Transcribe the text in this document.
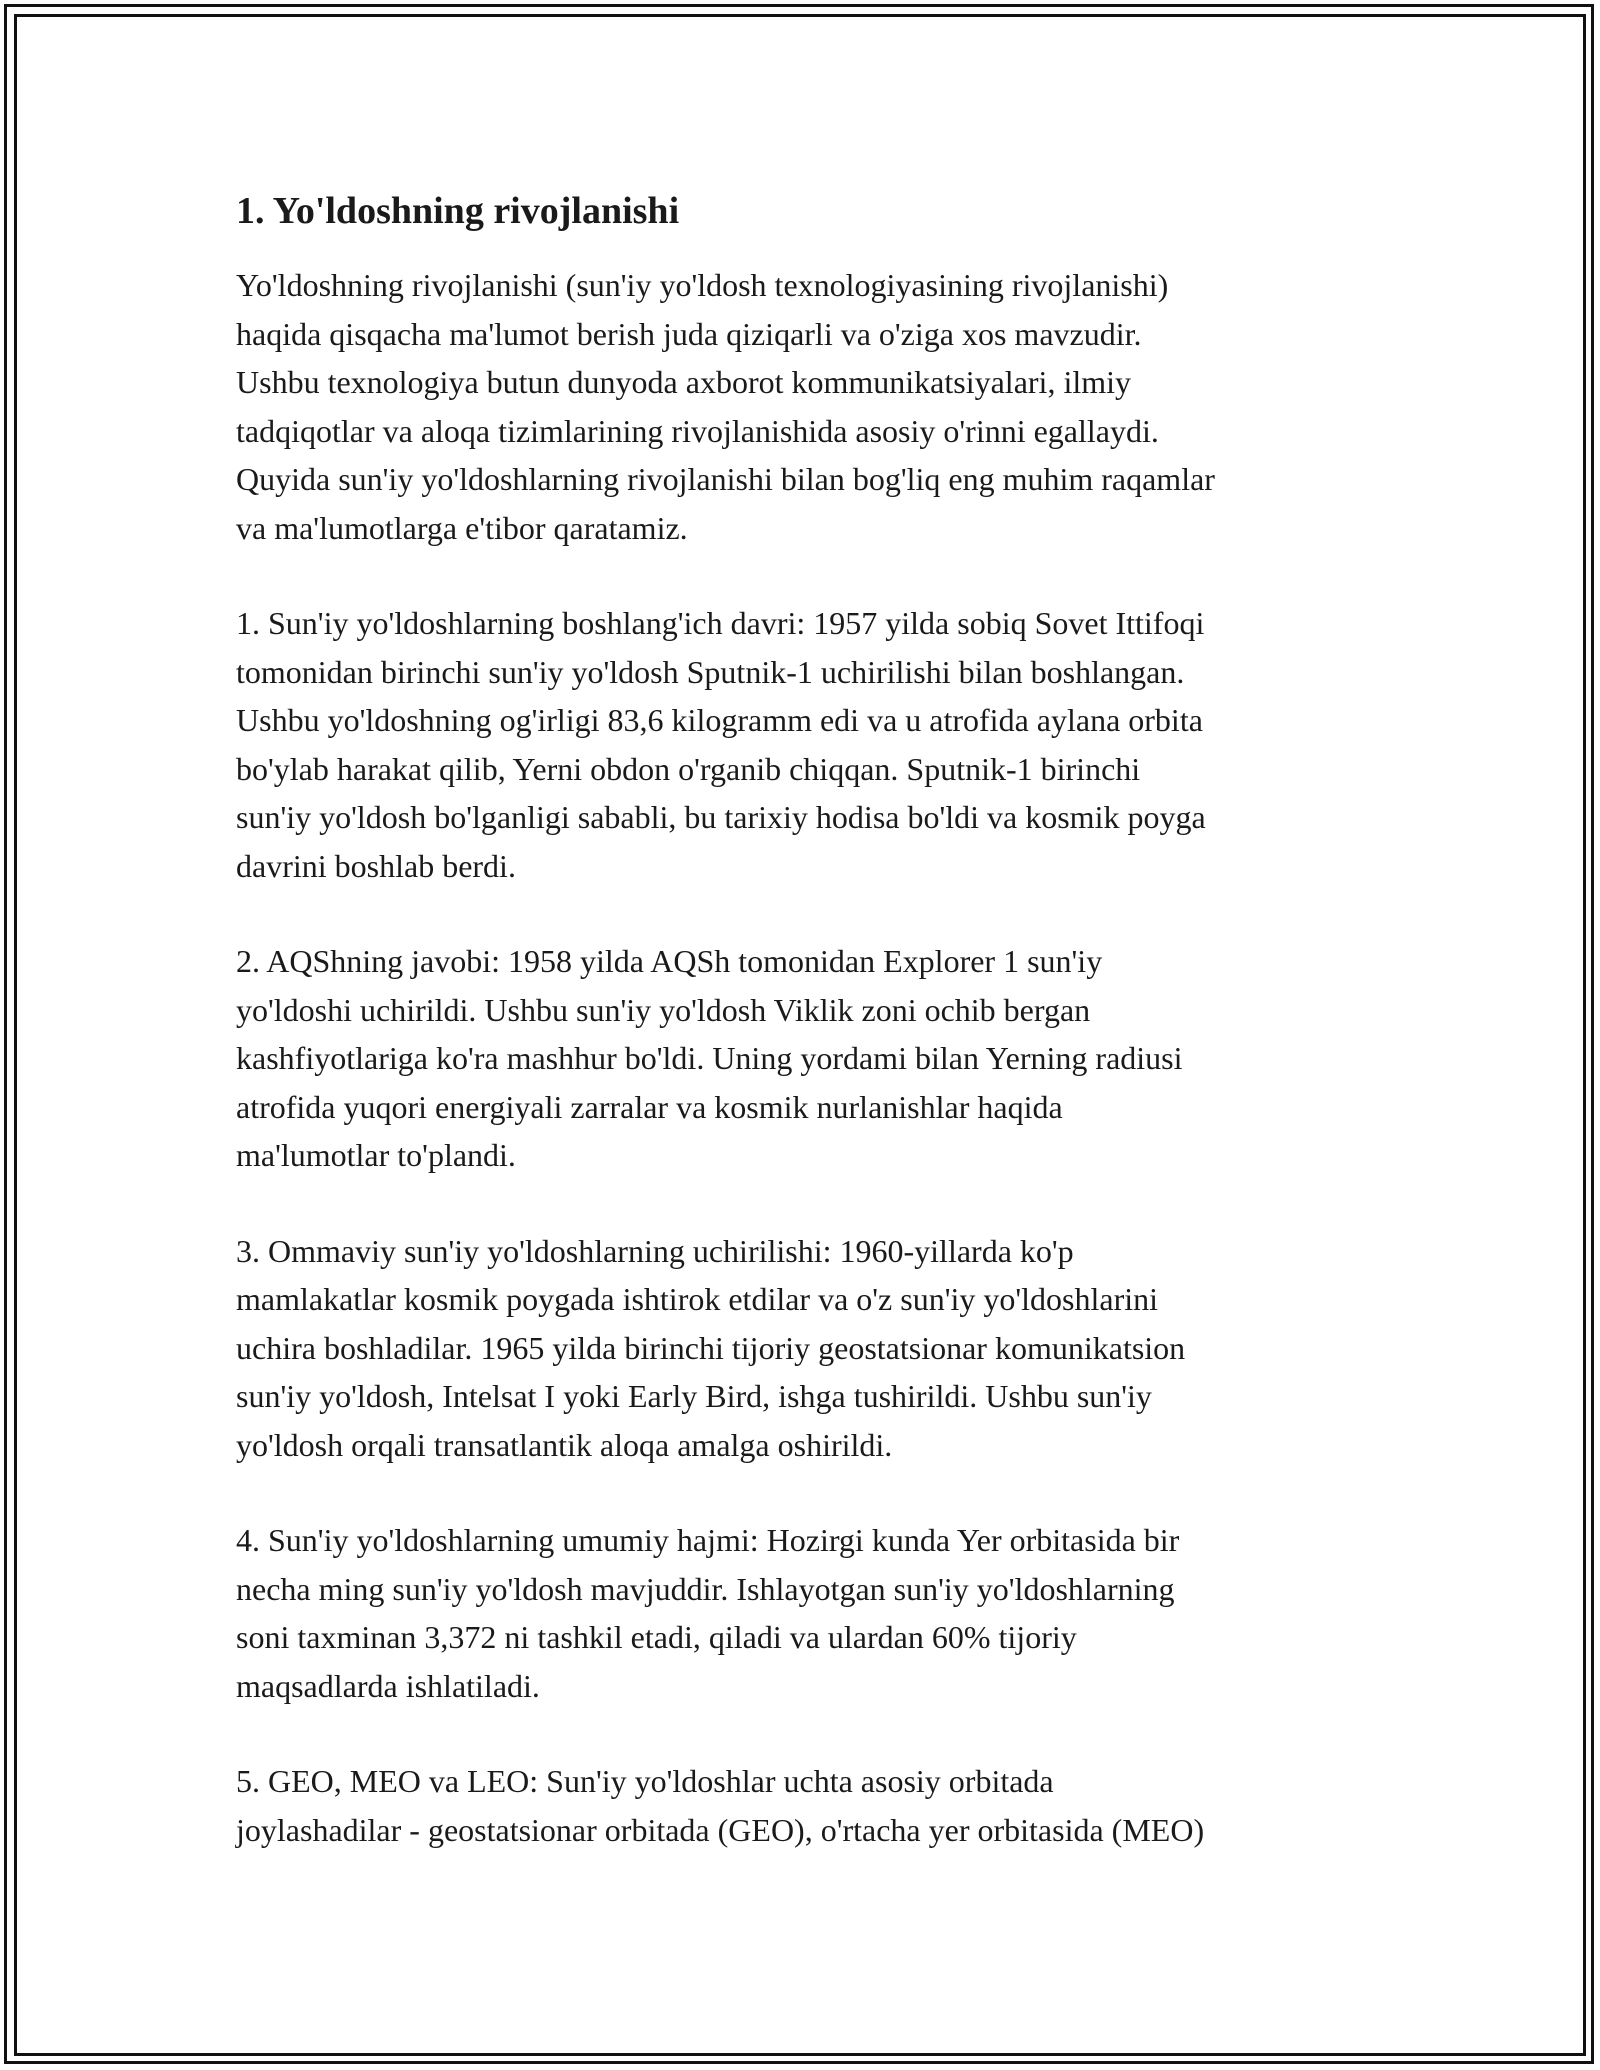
1. Yo'ldoshning rivojlanishi

Yo'ldoshning rivojlanishi (sun'iy yo'ldosh texnologiyasining rivojlanishi)
haqida qisqacha ma'lumot berish juda qiziqarli va o'ziga xos mavzudir.
Ushbu texnologiya butun dunyoda axborot kommunikatsiyalari, ilmiy
tadqiqotlar va aloqa tizimlarining rivojlanishida asosiy o'rinni egallaydi.
Quyida sun'iy yo'ldoshlarning rivojlanishi bilan bog'liq eng muhim raqamlar
va ma'lumotlarga e'tibor qaratamiz.

1. Sun'iy yo'ldoshlarning boshlang'ich davri: 1957 yilda sobiq Sovet Ittifoqi
tomonidan birinchi sun'iy yo'ldosh Sputnik-1 uchirilishi bilan boshlangan.
Ushbu yo'ldoshning og'irligi 83,6 kilogramm edi va u atrofida aylana orbita
bo'ylab harakat qilib, Yerni obdon o'rganib chiqqan. Sputnik-1 birinchi
sun'iy yo'ldosh bo'lganligi sababli, bu tarixiy hodisa bo'ldi va kosmik poyga
davrini boshlab berdi.

2. AQShning javobi: 1958 yilda AQSh tomonidan Explorer 1 sun'iy
yo'ldoshi uchirildi. Ushbu sun'iy yo'ldosh Viklik zoni ochib bergan
kashfiyotlariga ko'ra mashhur bo'ldi. Uning yordami bilan Yerning radiusi
atrofida yuqori energiyali zarralar va kosmik nurlanishlar haqida
ma'lumotlar to'plandi.

3. Ommaviy sun'iy yo'ldoshlarning uchirilishi: 1960-yillarda ko'p
mamlakatlar kosmik poygada ishtirok etdilar va o'z sun'iy yo'ldoshlarini
uchira boshladilar. 1965 yilda birinchi tijoriy geostatsionar komunikatsion
sun'iy yo'ldosh, Intelsat I yoki Early Bird, ishga tushirildi. Ushbu sun'iy
yo'ldosh orqali transatlantik aloqa amalga oshirildi.

4. Sun'iy yo'ldoshlarning umumiy hajmi: Hozirgi kunda Yer orbitasida bir
necha ming sun'iy yo'ldosh mavjuddir. Ishlayotgan sun'iy yo'ldoshlarning
soni taxminan 3,372 ni tashkil etadi, qiladi va ulardan 60% tijoriy
maqsadlarda ishlatiladi.

5. GEO, MEO va LEO: Sun'iy yo'ldoshlar uchta asosiy orbitada
joylashadilar - geostatsionar orbitada (GEO), o'rtacha yer orbitasida (MEO)
